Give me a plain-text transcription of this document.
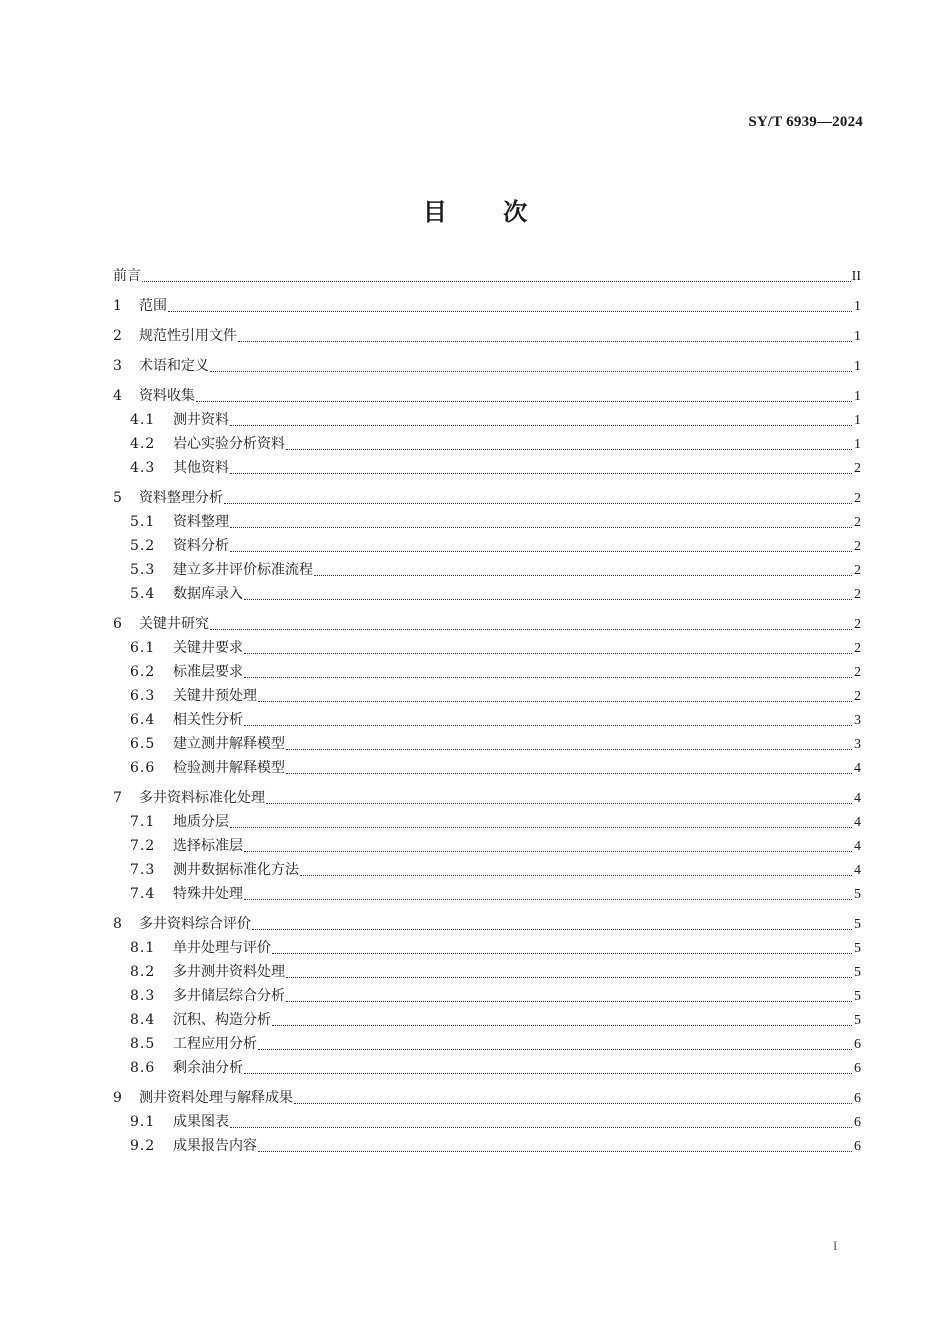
SY/T 6939—2024
目 次
前言	II
1	范围	1
2	规范性引用文件	1
3	术语和定义	1
4	资料收集	1
4.1	测井资料	1
4.2	岩心实验分析资料	1
4.3	其他资料	2
5	资料整理分析	2
5.1	资料整理	2
5.2	资料分析	2
5.3	建立多井评价标准流程	2
5.4	数据库录入	2
6	关键井研究	2
6.1	关键井要求	2
6.2	标准层要求	2
6.3	关键井预处理	2
6.4	相关性分析	3
6.5	建立测井解释模型	3
6.6	检验测井解释模型	4
7	多井资料标准化处理	4
7.1	地质分层	4
7.2	选择标准层	4
7.3	测井数据标准化方法	4
7.4	特殊井处理	5
8	多井资料综合评价	5
8.1	单井处理与评价	5
8.2	多井测井资料处理	5
8.3	多井储层综合分析	5
8.4	沉积、构造分析	5
8.5	工程应用分析	6
8.6	剩余油分析	6
9	测井资料处理与解释成果	6
9.1	成果图表	6
9.2	成果报告内容	6
I
